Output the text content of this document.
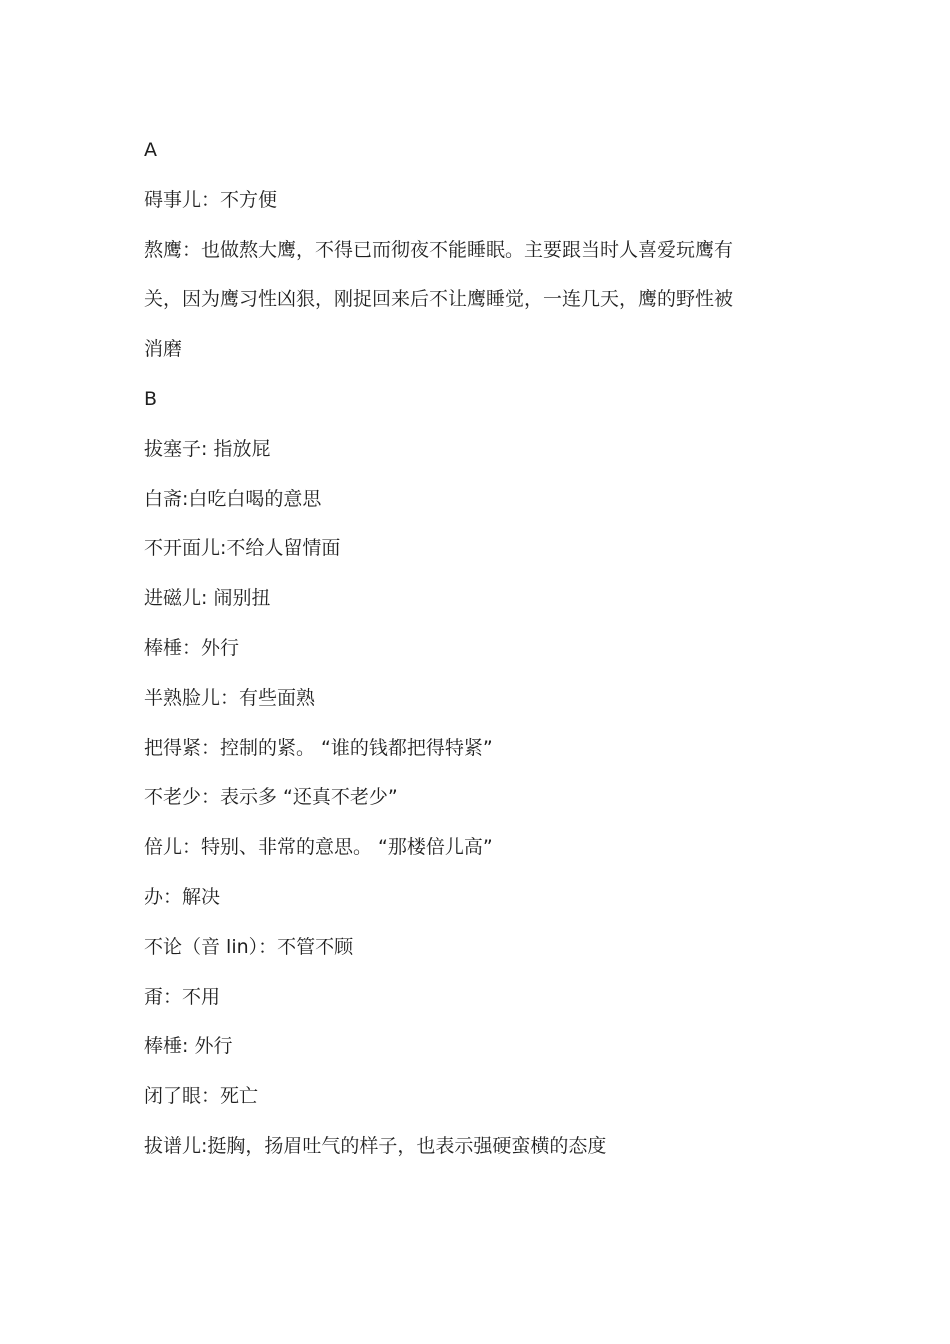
A
碍事儿：不方便
熬鹰：也做熬大鹰，不得已而彻夜不能睡眠。主要跟当时人喜爱玩鹰有
关，因为鹰习性凶狠，刚捉回来后不让鹰睡觉，一连几天，鹰的野性被
消磨
B
拔塞子: 指放屁
白斋:白吃白喝的意思
不开面儿:不给人留情面
进磁儿: 闹别扭
棒棰：外行
半熟脸儿：有些面熟
把得紧：控制的紧。 “谁的钱都把得特紧”
不老少：表示多 “还真不老少”
倍儿：特别、非常的意思。 “那楼倍儿高”
办：解决
不论（音 lin）：不管不顾
甭：不用
棒棰: 外行
闭了眼：死亡
拔谱儿:挺胸，扬眉吐气的样子，也表示强硬蛮横的态度
